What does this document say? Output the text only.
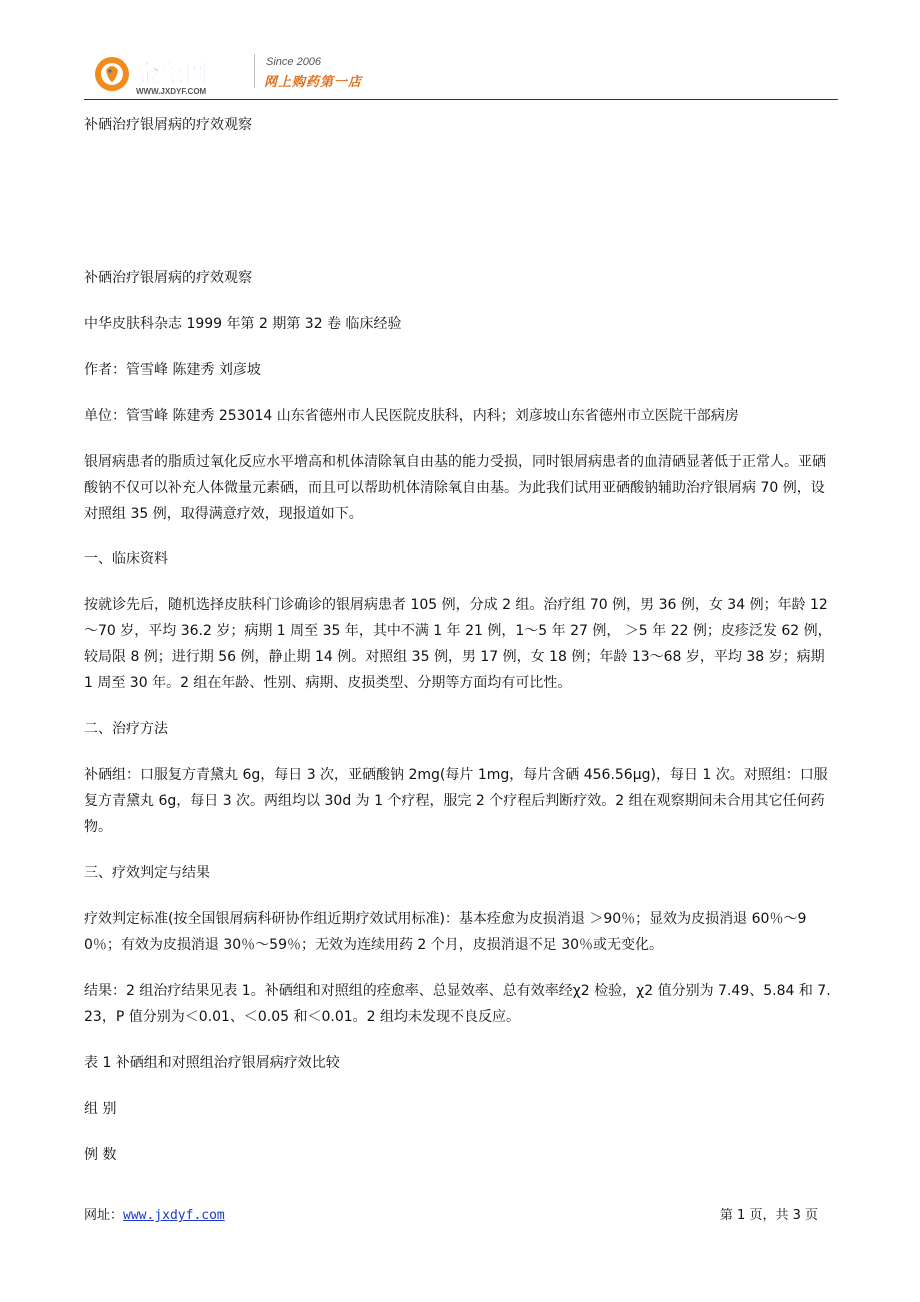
金象网
WWW.JXDYF.COM
Since 2006
网上购药第一店

补硒治疗银屑病的疗效观察

补硒治疗银屑病的疗效观察

中华皮肤科杂志 1999 年第 2 期第 32 卷 临床经验

作者：管雪峰 陈建秀 刘彦坡

单位：管雪峰 陈建秀 253014 山东省德州市人民医院皮肤科，内科；刘彦坡山东省德州市立医院干部病房

银屑病患者的脂质过氧化反应水平增高和机体清除氧自由基的能力受损，同时银屑病患者的血清硒显著低于正常人。亚硒酸钠不仅可以补充人体微量元素硒，而且可以帮助机体清除氧自由基。为此我们试用亚硒酸钠辅助治疗银屑病 70 例，设对照组 35 例，取得满意疗效，现报道如下。

一、临床资料

按就诊先后，随机选择皮肤科门诊确诊的银屑病患者 105 例，分成 2 组。治疗组 70 例，男 36 例，女 34 例；年龄 12～70 岁，平均 36.2 岁；病期 1 周至 35 年，其中不满 1 年 21 例，1～5 年 27 例， ＞5 年 22 例；皮疹泛发 62 例，较局限 8 例；进行期 56 例，静止期 14 例。对照组 35 例，男 17 例，女 18 例；年龄 13～68 岁，平均 38 岁；病期 1 周至 30 年。2 组在年龄、性别、病期、皮损类型、分期等方面均有可比性。

二、治疗方法

补硒组：口服复方青黛丸 6g，每日 3 次，亚硒酸钠 2mg(每片 1mg，每片含硒 456.56μg)，每日 1 次。对照组：口服复方青黛丸 6g，每日 3 次。两组均以 30d 为 1 个疗程，服完 2 个疗程后判断疗效。2 组在观察期间未合用其它任何药物。

三、疗效判定与结果

疗效判定标准(按全国银屑病科研协作组近期疗效试用标准)：基本痊愈为皮损消退 ＞90％；显效为皮损消退 60％～90％；有效为皮损消退 30％～59％；无效为连续用药 2 个月，皮损消退不足 30％或无变化。

结果：2 组治疗结果见表 1。补硒组和对照组的痊愈率、总显效率、总有效率经χ2 检验，χ2 值分别为 7.49、5.84 和 7.23，P 值分别为＜0.01、＜0.05 和＜0.01。2 组均未发现不良反应。

表 1 补硒组和对照组治疗银屑病疗效比较

组 别

例 数

网址：www.jxdyf.com	第 1 页，共 3 页
